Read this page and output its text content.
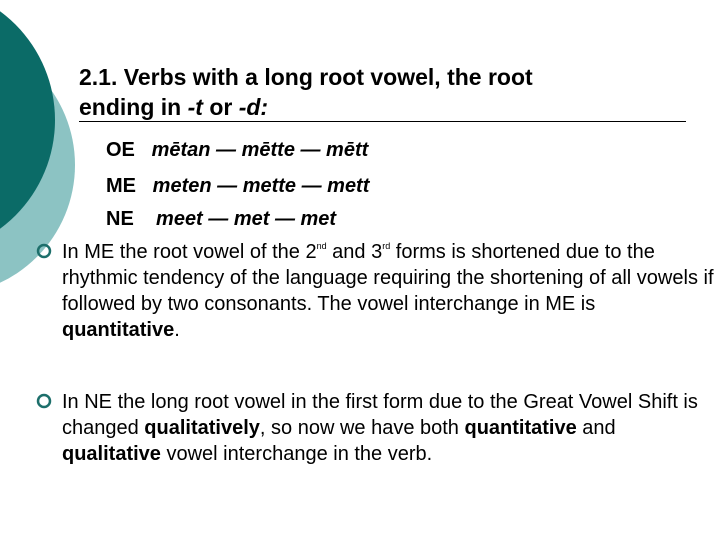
2.1. Verbs with a long root vowel, the root
ending in -t or -d:
OE mētan — mētte — mētt
ME meten — mette — mett
NE meet — met — met
In ME the root vowel of the 2nd and 3rd forms is shortened due to the rhythmic tendency of the language requiring the shortening of all vowels if followed by two consonants. The vowel interchange in ME is quantitative.
In NE the long root vowel in the first form due to the Great Vowel Shift is changed qualitatively, so now we have both quantitative and qualitative vowel interchange in the verb.
